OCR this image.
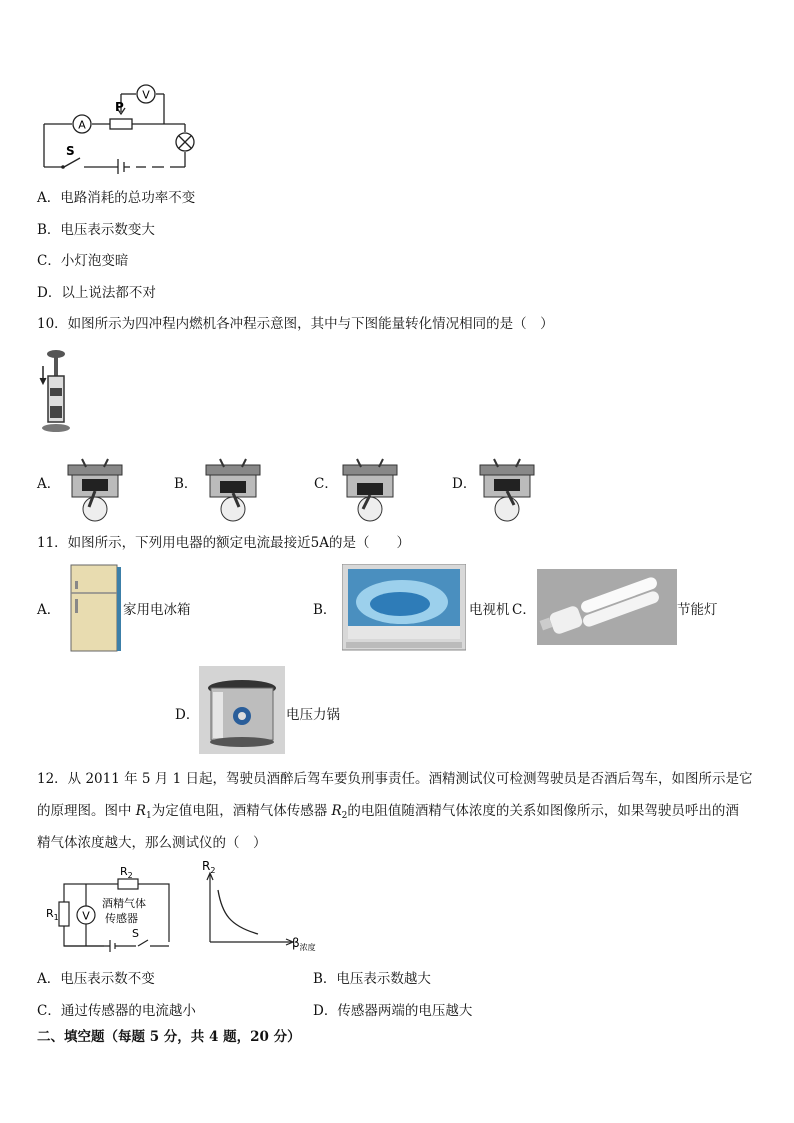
A
V
P
S
A．电路消耗的总功率不变
B．电压表示数变大
C．小灯泡变暗
D．以上说法都不对
10．如图所示为四冲程内燃机各冲程示意图，其中与下图能量转化情况相同的是（　）
A．	B．	C．	D．
11．如图所示，下列用电器的额定电流最接近5A的是（　　）
A．	家用电冰箱	B．	电视机 C．	节能灯
D．	电压力锅
12．从 2011 年 5 月 1 日起，驾驶员酒醉后驾车要负刑事责任。酒精测试仪可检测驾驶员是否酒后驾车，如图所示是它
的原理图。图中 $R_1$为定值电阻，酒精气体传感器 $R_2$的电阻值随酒精气体浓度的关系如图像所示，如果驾驶员呼出的酒
精气体浓度越大，那么测试仪的（　）
V
$R_1$
$R_2$
酒精气体
传感器
S
$R_2$
$\beta_{浓度}$
A．电压表示数不变	B．电压表示数越大
C．通过传感器的电流越小	D．传感器两端的电压越大
二、填空题（每题 5 分，共 4 题，20 分）
